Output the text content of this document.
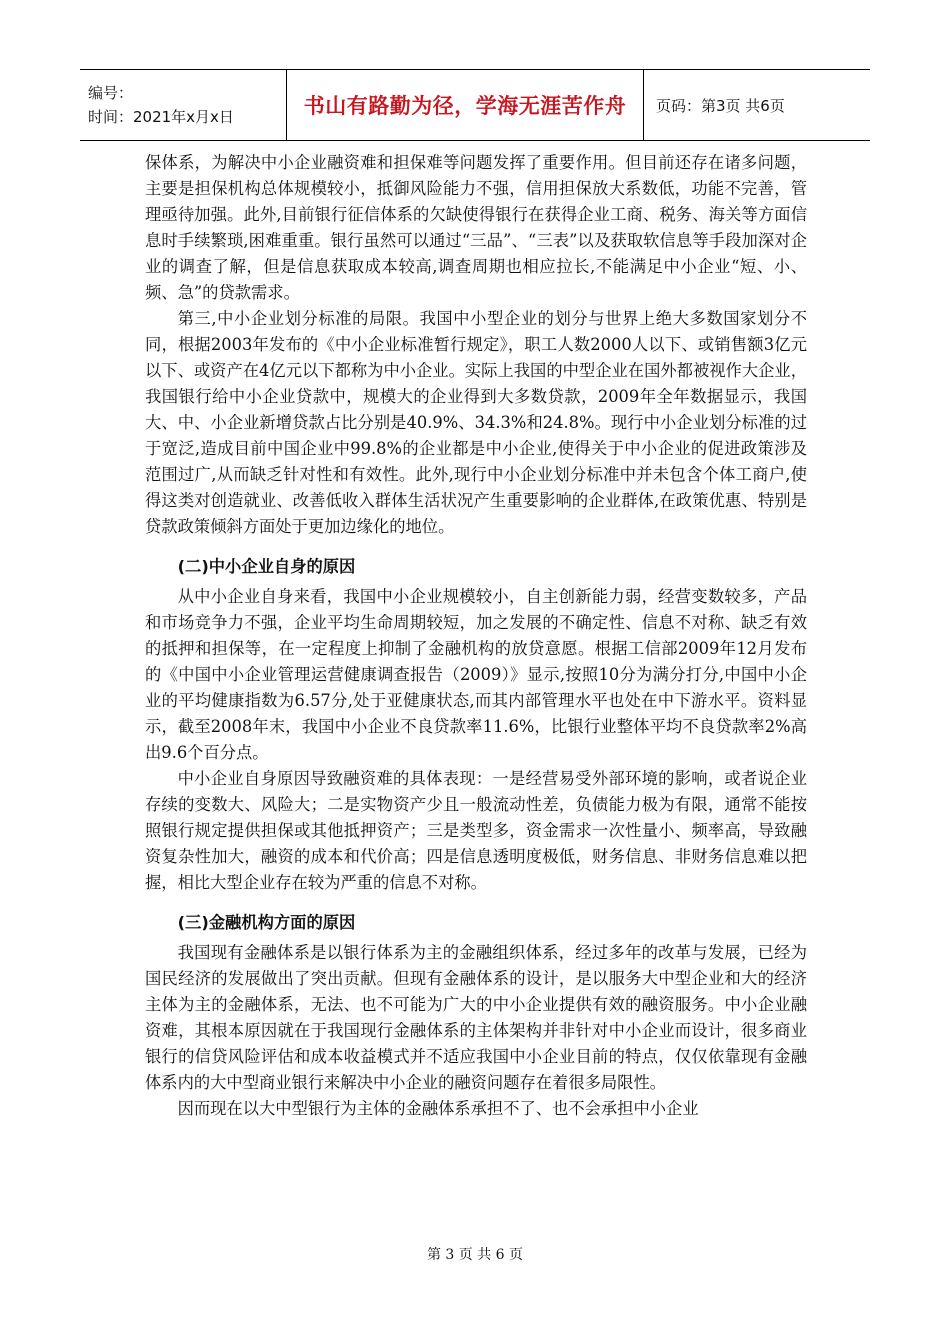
编号：
时间：2021年x月x日	书山有路勤为径，学海无涯苦作舟	页码：第3页 共6页

保体系，为解决中小企业融资难和担保难等问题发挥了重要作用。但目前还存在诸多问题，主要是担保机构总体规模较小，抵御风险能力不强，信用担保放大系数低，功能不完善，管理亟待加强。此外,目前银行征信体系的欠缺使得银行在获得企业工商、税务、海关等方面信息时手续繁琐,困难重重。银行虽然可以通过“三品”、“三表”以及获取软信息等手段加深对企业的调查了解，但是信息获取成本较高,调查周期也相应拉长,不能满足中小企业“短、小、频、急”的贷款需求。

第三,中小企业划分标准的局限。我国中小型企业的划分与世界上绝大多数国家划分不同，根据2003年发布的《中小企业标准暂行规定》，职工人数2000人以下、或销售额3亿元以下、或资产在4亿元以下都称为中小企业。实际上我国的中型企业在国外都被视作大企业，我国银行给中小企业贷款中，规模大的企业得到大多数贷款，2009年全年数据显示，我国大、中、小企业新增贷款占比分别是40.9%、34.3%和24.8%。现行中小企业划分标准的过于宽泛,造成目前中国企业中99.8%的企业都是中小企业,使得关于中小企业的促进政策涉及范围过广,从而缺乏针对性和有效性。此外,现行中小企业划分标准中并未包含个体工商户,使得这类对创造就业、改善低收入群体生活状况产生重要影响的企业群体,在政策优惠、特别是贷款政策倾斜方面处于更加边缘化的地位。

(二)中小企业自身的原因

从中小企业自身来看，我国中小企业规模较小，自主创新能力弱，经营变数较多，产品和市场竞争力不强，企业平均生命周期较短，加之发展的不确定性、信息不对称、缺乏有效的抵押和担保等，在一定程度上抑制了金融机构的放贷意愿。根据工信部2009年12月发布的《中国中小企业管理运营健康调查报告（2009）》显示,按照10分为满分打分,中国中小企业的平均健康指数为6.57分,处于亚健康状态,而其内部管理水平也处在中下游水平。资料显示，截至2008年末，我国中小企业不良贷款率11.6%，比银行业整体平均不良贷款率2%高出9.6个百分点。

中小企业自身原因导致融资难的具体表现：一是经营易受外部环境的影响，或者说企业存续的变数大、风险大；二是实物资产少且一般流动性差，负债能力极为有限，通常不能按照银行规定提供担保或其他抵押资产；三是类型多，资金需求一次性量小、频率高，导致融资复杂性加大，融资的成本和代价高；四是信息透明度极低，财务信息、非财务信息难以把握，相比大型企业存在较为严重的信息不对称。

(三)金融机构方面的原因

我国现有金融体系是以银行体系为主的金融组织体系，经过多年的改革与发展，已经为国民经济的发展做出了突出贡献。但现有金融体系的设计，是以服务大中型企业和大的经济主体为主的金融体系，无法、也不可能为广大的中小企业提供有效的融资服务。中小企业融资难，其根本原因就在于我国现行金融体系的主体架构并非针对中小企业而设计，很多商业银行的信贷风险评估和成本收益模式并不适应我国中小企业目前的特点，仅仅依靠现有金融体系内的大中型商业银行来解决中小企业的融资问题存在着很多局限性。

因而现在以大中型银行为主体的金融体系承担不了、也不会承担中小企业

第 3 页 共 6 页
